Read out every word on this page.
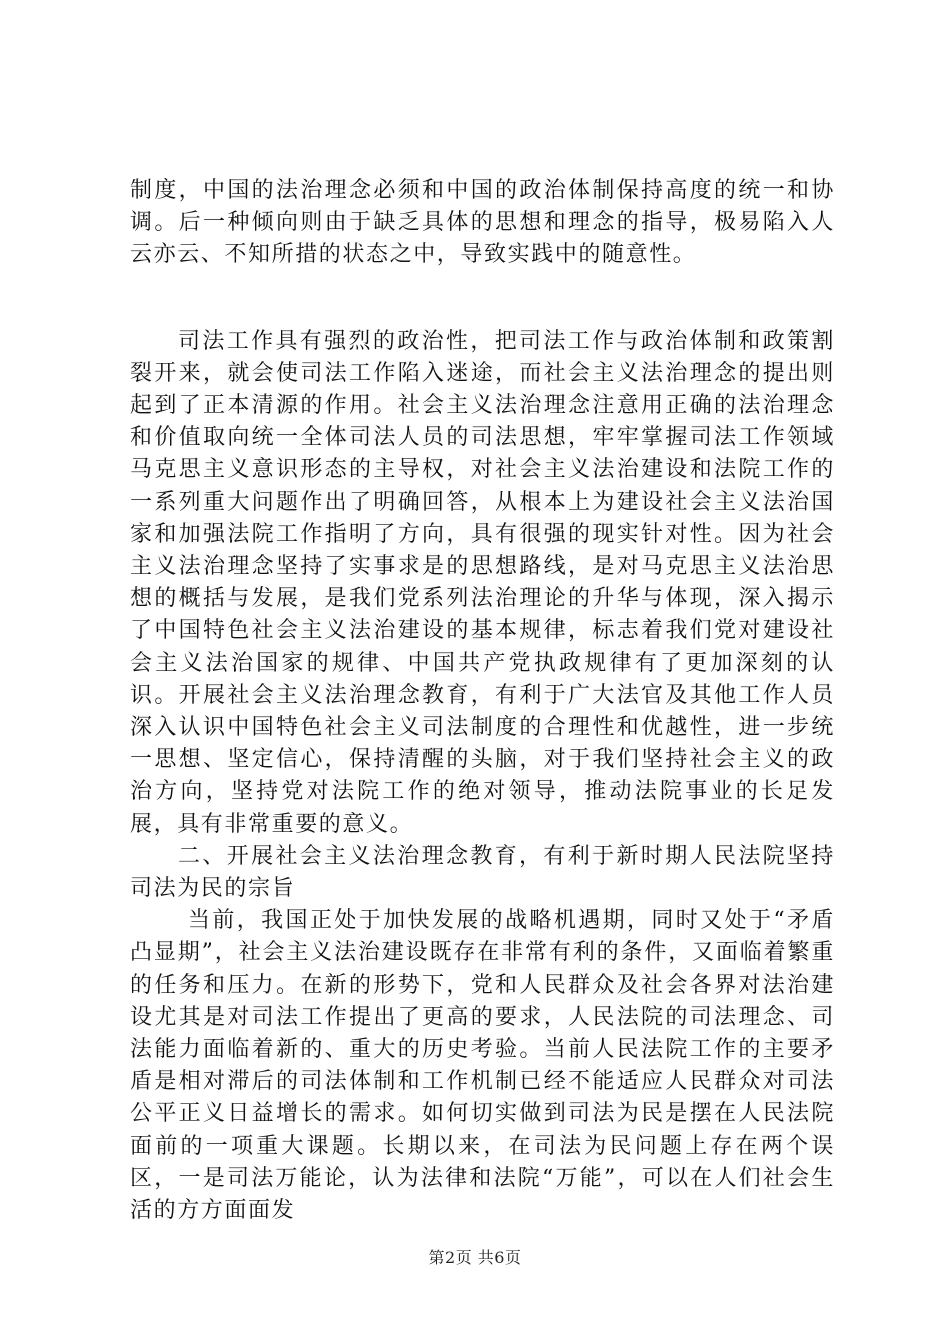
制度，中国的法治理念必须和中国的政治体制保持高度的统一和协调。后一种倾向则由于缺乏具体的思想和理念的指导，极易陷入人云亦云、不知所措的状态之中，导致实践中的随意性。

司法工作具有强烈的政治性，把司法工作与政治体制和政策割裂开来，就会使司法工作陷入迷途，而社会主义法治理念的提出则起到了正本清源的作用。社会主义法治理念注意用正确的法治理念和价值取向统一全体司法人员的司法思想，牢牢掌握司法工作领域马克思主义意识形态的主导权，对社会主义法治建设和法院工作的一系列重大问题作出了明确回答，从根本上为建设社会主义法治国家和加强法院工作指明了方向，具有很强的现实针对性。因为社会主义法治理念坚持了实事求是的思想路线，是对马克思主义法治思想的概括与发展，是我们党系列法治理论的升华与体现，深入揭示了中国特色社会主义法治建设的基本规律，标志着我们党对建设社会主义法治国家的规律、中国共产党执政规律有了更加深刻的认识。开展社会主义法治理念教育，有利于广大法官及其他工作人员深入认识中国特色社会主义司法制度的合理性和优越性，进一步统一思想、坚定信心，保持清醒的头脑，对于我们坚持社会主义的政治方向，坚持党对法院工作的绝对领导，推动法院事业的长足发展，具有非常重要的意义。

二、开展社会主义法治理念教育，有利于新时期人民法院坚持司法为民的宗旨

当前，我国正处于加快发展的战略机遇期，同时又处于“矛盾凸显期”，社会主义法治建设既存在非常有利的条件，又面临着繁重的任务和压力。在新的形势下，党和人民群众及社会各界对法治建设尤其是对司法工作提出了更高的要求，人民法院的司法理念、司法能力面临着新的、重大的历史考验。当前人民法院工作的主要矛盾是相对滞后的司法体制和工作机制已经不能适应人民群众对司法公平正义日益增长的需求。如何切实做到司法为民是摆在人民法院面前的一项重大课题。长期以来，在司法为民问题上存在两个误区，一是司法万能论，认为法律和法院“万能”，可以在人们社会生活的方方面面发

第2页 共6页
